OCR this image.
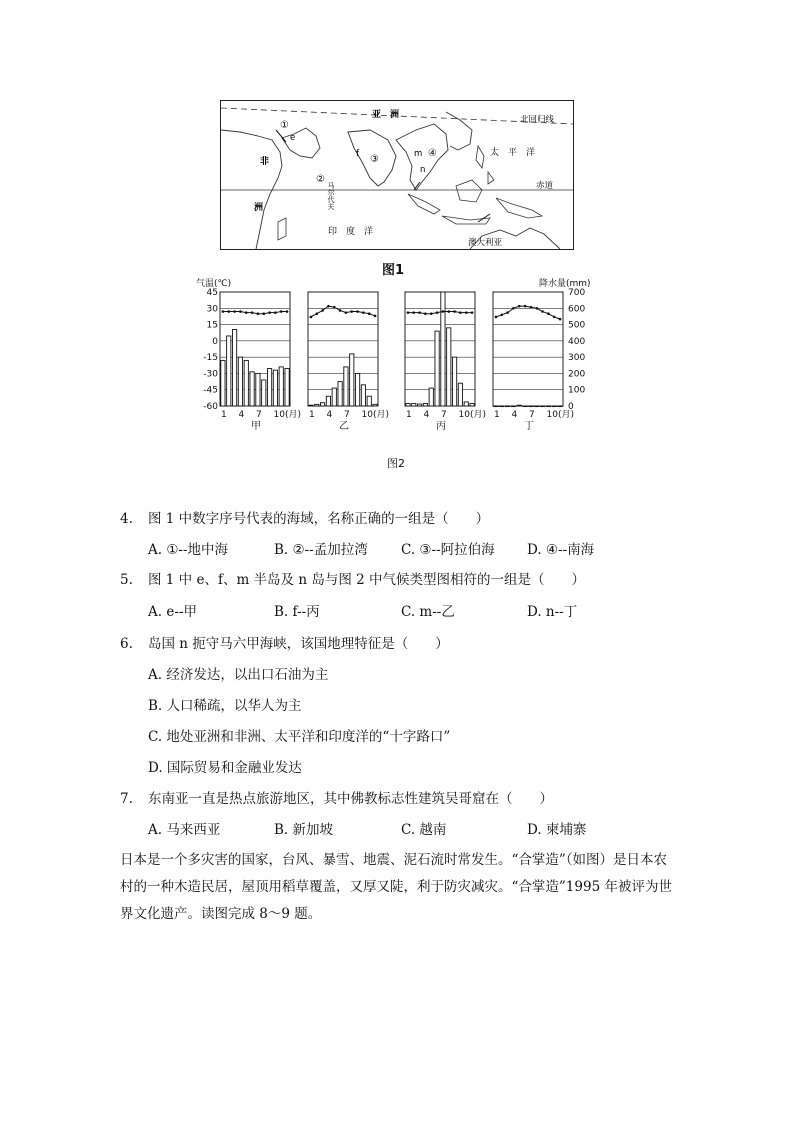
亚　洲	北回归线
赤道
非
洲
太　平　洋
印　度　洋
澳大利亚
马尔代夫
①
②
③
④
e
f	m
n
图1
气温(℃)	降水量(mm)
45
30
15
0
-15
-30
-45
-60
700
600
500
400
300
200
100
0
1 4 7 10(月)
甲
1 4 7 10(月)
乙
1 4 7 10(月)
丙
1 4 7 10(月)
丁
图2
4. 图 1 中数字序号代表的海域，名称正确的一组是（　　）
A. ①--地中海	B. ②--孟加拉湾 C. ③--阿拉伯海 D. ④--南海
5. 图 1 中 e、f、m 半岛及 n 岛与图 2 中气候类型图相符的一组是（　　）
A. e--甲	B. f--丙	C. m--乙	D. n--丁
6. 岛国 n 扼守马六甲海峡，该国地理特征是（　　）
A. 经济发达，以出口石油为主
B. 人口稀疏，以华人为主
C. 地处亚洲和非洲、太平洋和印度洋的“十字路口”
D. 国际贸易和金融业发达
7. 东南亚一直是热点旅游地区，其中佛教标志性建筑吴哥窟在（　　）
A. 马来西亚	B. 新加坡	C. 越南	D. 柬埔寨
日本是一个多灾害的国家，台风、暴雪、地震、泥石流时常发生。“合掌造”（如图）是日本农村的一种木造民居，屋顶用稻草覆盖，又厚又陡，利于防灾减灾。“合掌造”1995 年被评为世界文化遗产。读图完成 8～9 题。
